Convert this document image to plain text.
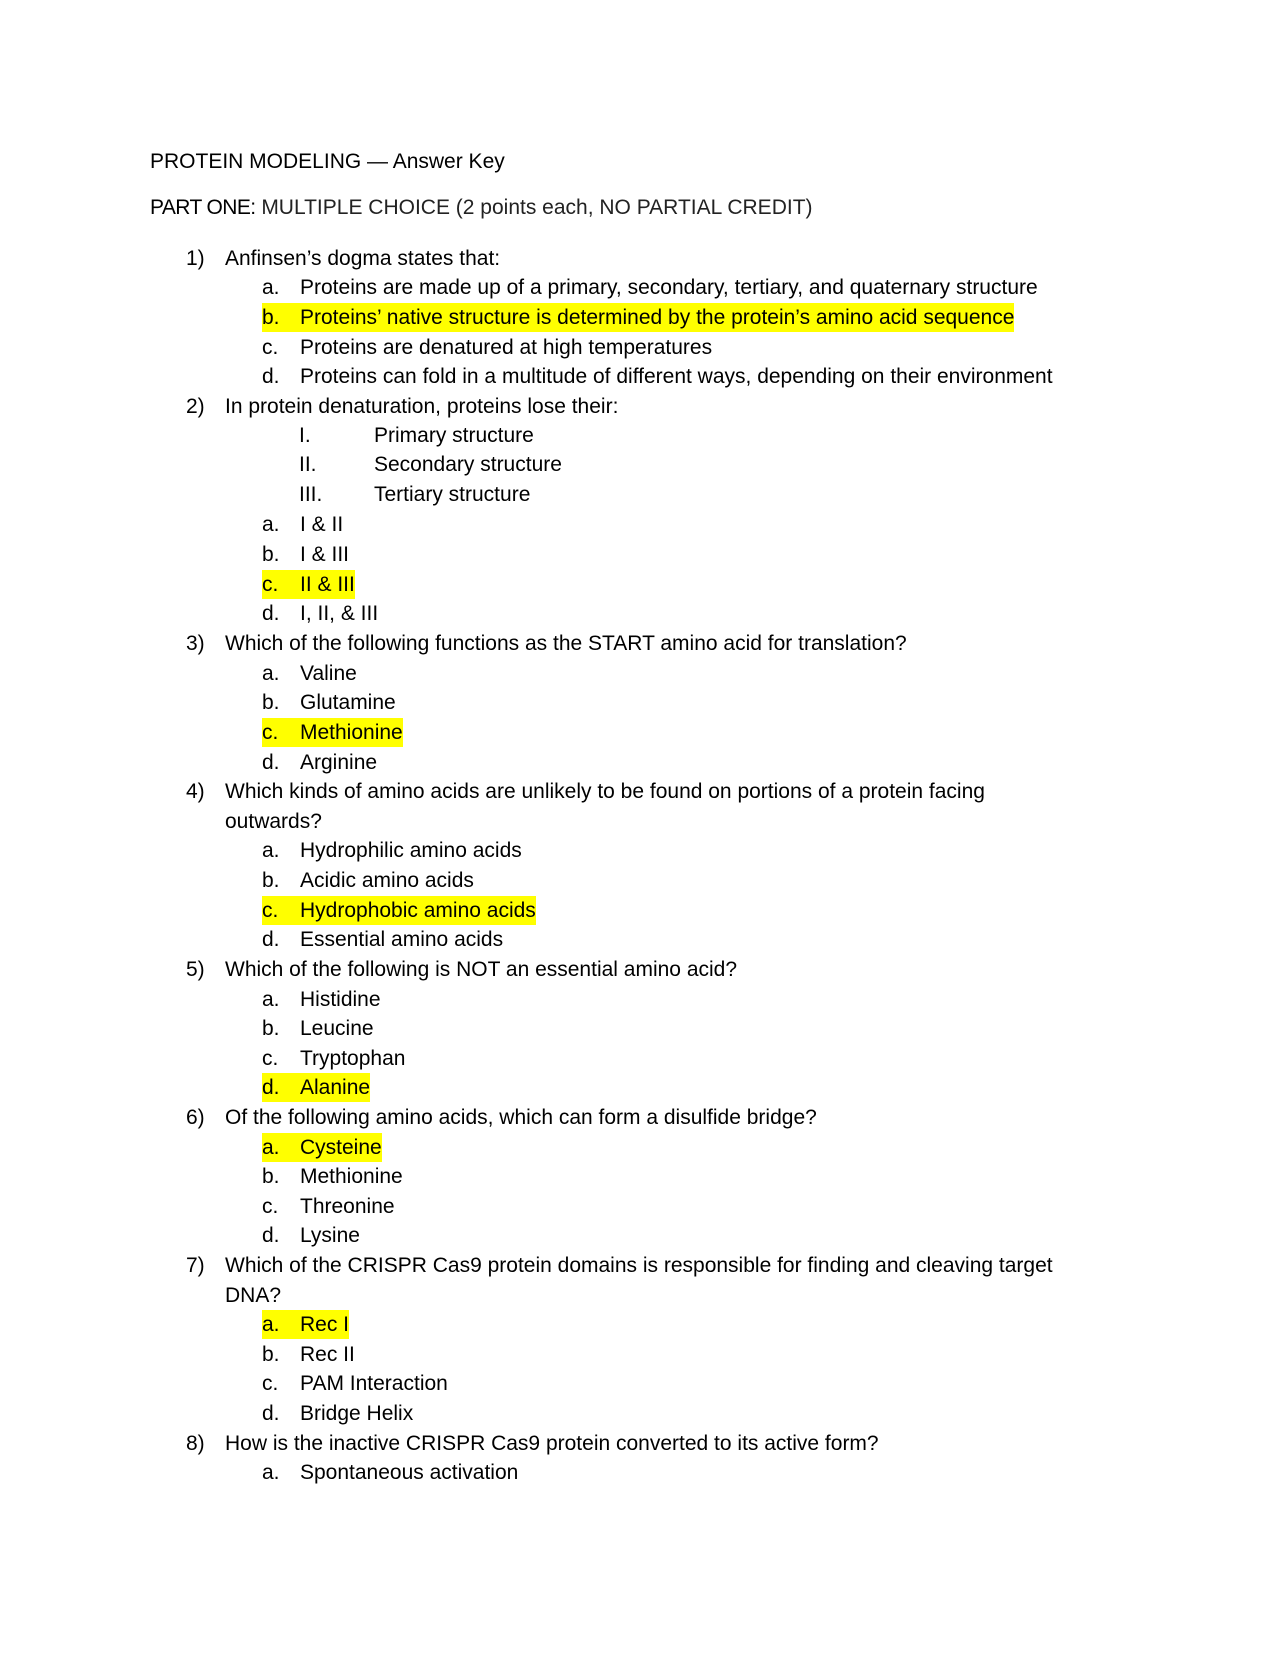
PROTEIN MODELING — Answer Key
PART ONE: MULTIPLE CHOICE (2 points each, NO PARTIAL CREDIT)
1) Anfinsen’s dogma states that:
a. Proteins are made up of a primary, secondary, tertiary, and quaternary structure
b. Proteins’ native structure is determined by the protein’s amino acid sequence
c. Proteins are denatured at high temperatures
d. Proteins can fold in a multitude of different ways, depending on their environment
2) In protein denaturation, proteins lose their:
I.	Primary structure
II.	Secondary structure
III. Tertiary structure
a. I & II
b. I & III
c.	II & III
d. I, II, & III
3) Which of the following functions as the START amino acid for translation?
a. Valine
b. Glutamine
c.	Methionine
d. Arginine
4) Which kinds of amino acids are unlikely to be found on portions of a protein facing
outwards?
a. Hydrophilic amino acids
b. Acidic amino acids
c.	Hydrophobic amino acids
d. Essential amino acids
5) Which of the following is NOT an essential amino acid?
a. Histidine
b. Leucine
c. Tryptophan
d. Alanine
6) Of the following amino acids, which can form a disulfide bridge?
a. Cysteine
b. Methionine
c. Threonine
d. Lysine
7) Which of the CRISPR Cas9 protein domains is responsible for finding and cleaving target
DNA?
a. Rec I
b. Rec II
c. PAM Interaction
d. Bridge Helix
8) How is the inactive CRISPR Cas9 protein converted to its active form?
a. Spontaneous activation
